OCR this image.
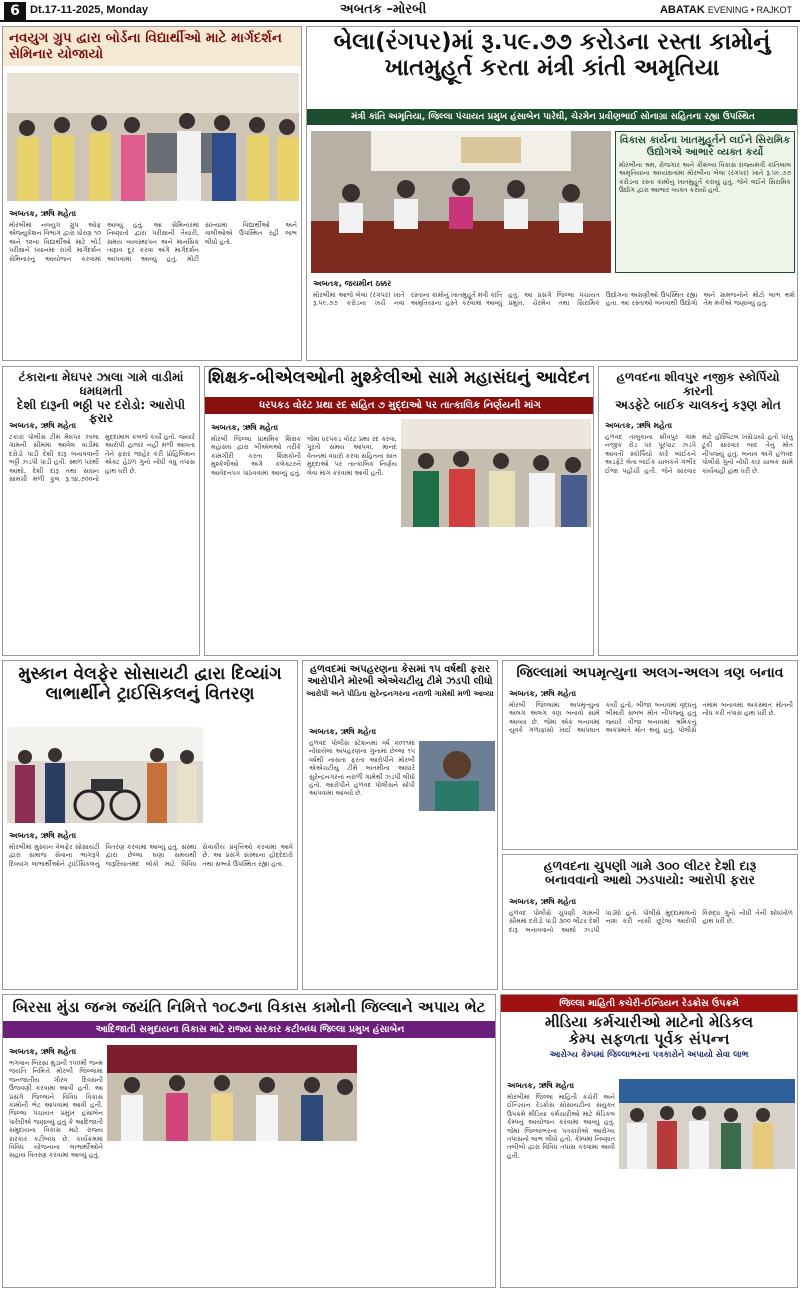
6 Dt.17-11-2025, Monday	અબતક –મોરબી	ABATAK EVENING • RAJKOT
નવયુગ ગ્રુપ દ્વારા બોર્ડના વિદ્યાર્થીઓ માટે માર્ગદર્શન સેમિનાર યોજાયો
અબતક, ઋષિ મહેતા
મોરબીમાં નવયુગ ગ્રુપ ઓફ એજ્યુકેશન વિભાગ દ્વારા ધોરણ ૧૦ અને ૧૨ના વિદ્યાર્થીઓ માટે બોર્ડ પરીક્ષાને ધ્યાનમાં રાખી માર્ગદર્શન સેમિનારનું આયોજન કરવામાં આવ્યું હતું. આ સેમિનારમાં નિષ્ણાતો દ્વારા પરીક્ષાની તૈયારી, સમય વ્યવસ્થાપન અને માનસિક તણાવ દૂર કરવા અંગે માર્ગદર્શન આપવામાં આવ્યું હતું. મોટી સંખ્યામાં વિદ્યાર્થીઓ અને વાલીઓએ ઉપસ્થિત રહી લાભ લીધો હતો.
બેલા(રંગપર)માં રૂ.૫૯.૭૭ કરોડના રસ્તા કામોનું
ખાતમુહૂર્ત કરતા મંત્રી કાંતી અમૃતિયા
મંત્રી કાંતિ અમૃતિયા, જિલ્લા પંચાયત પ્રમુખ હંસાબેન પારેઘી, ચેરમેન પ્રવીણભાઈ સોનાગ્રા સહિતના રહ્યા ઉપસ્થિત
વિકાસ કાર્યના ખાતમુહૂર્તને લઈને સિરામિક ઉદ્યોગએ આભાર વ્યક્ત કર્યો
મોરબીના શ્રમ, રોજગાર અને કૌશલ્ય વિકાસ રાજ્યમંત્રી કાંતિલાલ અમૃતિયાના અધ્યક્ષતામાં મોરબીના બેલા (રંગપર) ખાતે રૂ.૫૯.૭૭ કરોડના રસ્તા કામોનું ખાતમુહૂર્ત કરાયું હતું. જેને લઈને સિરામિક ઉદ્યોગ દ્વારા આભાર વ્યક્ત કરાયો હતો.
અબતક, જયમીન ઠક્કર
મોરબીમાં આજે બેલા (રંગપર) ખાતે રૂ.૫૯.૭૭ કરોડના ખર્ચે નવા રસ્તાના કામોનું ખાતમુહૂર્ત મંત્રી કાંતિ અમૃતિયાના હસ્તે કરવામાં આવ્યું હતું. આ પ્રસંગે જિલ્લા પંચાયત પ્રમુખ, ચેરમેન તથા સિરામિક ઉદ્યોગના અગ્રણીઓ ઉપસ્થિત રહ્યા હતા. આ રસ્તાઓ બનવાથી ઉદ્યોગો અને ગ્રામજનોને મોટો લાભ થશે તેમ મંત્રીએ જણાવ્યું હતું.
ટંકારાના મેઘપર ઝાલા ગામે વાડીમાં ધમધમતી
દેશી દારૂની ભઠ્ઠી પર દરોડો: આરોપી ફરાર
અબતક, ઋષિ મહેતા
ટંકારા પોલીસ ટીમ મેઘપર ઝાલા ગામની સીમમાં આવેલ વાડીમાં દરોડો પાડી દેશી દારૂ બનાવવાની ભઠ્ઠી ઝડપી પાડી હતી. સ્થળ પરથી આથો, દેશી દારૂ તથા સાધન સામગ્રી મળી કુલ રૂ.૧૪,૭૦૦નો મુદ્દામાલ કબજે કર્યો હતો. જ્યારે આરોપી હાજર નહીં મળી આવતા તેને ફરાર જાહેર કરી પ્રોહિબિશન એક્ટ હેઠળ ગુનો નોંધી વધુ તપાસ હાથ ધરી છે.
શિક્ષક-બીએલઓની મુશ્કેલીઓ સામે મહાસંઘનું આવેદન
ધરપકડ વોરંટ પ્રથા રદ સહિત ૭ મુદ્દાઓ પર તાત્કાલિક નિર્ણયની માંગ
અબતક, ઋષિ મહેતા
મોરબી જિલ્લા પ્રાથમિક શિક્ષક મહાસંઘ દ્વારા બીએલઓ તરીકે કામગીરી કરતા શિક્ષકોની મુશ્કેલીઓ અંગે કલેક્ટરને આવેદનપત્ર પાઠવવામાં આવ્યું હતું. જેમાં ધરપકડ વોરંટ પ્રથા રદ કરવા, પૂરતો સમય આપવા, માનદ વેતનમાં વધારો કરવા સહિતના સાત મુદ્દાઓ પર તાત્કાલિક નિર્ણય લેવા માંગ કરવામાં આવી હતી.
હળવદના શીવપુર નજીક સ્કોર્પિયો કારની
અડફેટે બાઈક ચાલકનું કરૂણ મોત
અબતક, ઋષિ મહેતા
હળવદ તાલુકાના શીવપુર ગામ નજીક રોડ પર પૂરપાટ ઝડપે આવતી સ્કોર્પિયો કારે બાઈકને અડફેટે લેતા બાઈક ચાલકને ગંભીર ઈજા પહોંચી હતી. જેને સારવાર માટે હોસ્પિટલ ખસેડાયો હતો પરંતુ ટૂંકી સારવાર બાદ તેનું મોત નીપજ્યું હતું. બનાવ અંગે હળવદ પોલીસે ગુનો નોંધી કાર ચાલક સામે કાર્યવાહી હાથ ધરી છે.
મુસ્કાન વેલફેર સોસાયટી દ્વારા દિવ્યાંગ
લાભાર્થીને ટ્રાઈસિકલનું વિતરણ
અબતક, ઋષિ મહેતા
મોરબીમાં મુસ્કાન વેલફેર સોસાયટી દ્વારા સમાજ સેવાના ભાગરૂપે દિવ્યાંગ લાભાર્થીઓને ટ્રાઈસિકલનું વિતરણ કરવામાં આવ્યું હતું. સંસ્થા દ્વારા છેલ્લા ઘણા સમયથી જરૂરિયાતમંદ લોકો માટે વિવિધ સેવાકીય પ્રવૃત્તિઓ કરવામાં આવે છે. આ પ્રસંગે સંસ્થાના હોદ્દેદારો તથા સભ્યો ઉપસ્થિત રહ્યા હતા.
હળવદમાં અપહરણના કેસમાં ૧૫ વર્ષથી ફરાર
આરોપીને મોરબી એએચટીયુ ટીમે ઝડપી લીધો
આરોપી અને પીડિતા સુરેન્દ્રનગરના નરાળી ગામેથી મળી આવ્યા
અબતક, ઋષિ મહેતા
હળવદ પોલીસ સ્ટેશનમાં વર્ષ ૨૦૧૧માં નોંધાયેલા અપહરણના ગુનામાં છેલ્લા ૧૫ વર્ષથી નાસતા ફરતા આરોપીને મોરબી એએચટીયુ ટીમે બાતમીના આધારે સુરેન્દ્રનગરના નરાળી ગામેથી ઝડપી લીધો હતો. આરોપીને હળવદ પોલીસને સોંપી આપવામાં આવ્યો છે.
જિલ્લામાં અપમૃત્યુના અલગ-અલગ ત્રણ બનાવ
અબતક, ઋષિ મહેતા
મોરબી જિલ્લામાં અપમૃત્યુના અલગ અલગ ત્રણ બનાવો સામે આવ્યા છે. જેમાં એક બનાવમાં યુવકે ગળાફાંસો ખાઈ આપઘાત કર્યો હતો, બીજા બનાવમાં વૃદ્ધનું બીમારી સબબ મોત નીપજ્યું હતું જ્યારે ત્રીજા બનાવમાં શ્રમિકનું અકસ્માતે મોત થયું હતું. પોલીસે તમામ બનાવમાં અકસ્માત મોતની નોંધ કરી તપાસ હાથ ધરી છે.
હળવદના ચુપણી ગામે ૩૦૦ લીટર દેશી દારૂ
બનાવવાનો આથો ઝડપાયો: આરોપી ફરાર
અબતક, ઋષિ મહેતા
હળવદ પોલીસે ચુપણી ગામની સીમમાં દરોડો પાડી ૩૦૦ લીટર દેશી દારૂ બનાવવાનો આથો ઝડપી પાડ્યો હતો. પોલીસે મુદ્દામાલનો નાશ કરી નાસી છૂટેલા આરોપી વિરુદ્ધ ગુનો નોંધી તેની શોધખોળ હાથ ધરી છે.
બિરસા મુંડા જન્મ જયંતિ નિમિત્તે ૧૦૮૭ના વિકાસ કામોની જિલ્લાને અપાય ભેટ
આદિજાતી સમુદાયના વિકાસ માટે રાજ્ય સરકાર કટીબધ્ધ જિલ્લા પ્રમુખ હંસાબેન
અબતક, ઋષિ મહેતા
ભગવાન બિરસા મુંડાની ૧૫૦મી જન્મ જયંતિ નિમિત્તે મોરબી જિલ્લામાં જનજાતીય ગૌરવ દિવસની ઉજવણી કરવામાં આવી હતી. આ પ્રસંગે જિલ્લાને વિવિધ વિકાસ કામોની ભેટ આપવામાં આવી હતી. જિલ્લા પંચાયત પ્રમુખ હંસાબેન પારેઘીએ જણાવ્યું હતું કે આદિજાતી સમુદાયના વિકાસ માટે રાજ્ય સરકાર કટીબધ્ધ છે. કાર્યક્રમમાં વિવિધ યોજનાના લાભાર્થીઓને સહાય વિતરણ કરવામાં આવ્યું હતું.
જિલ્લા માહિતી કચેરી-ઈન્ડિયન રેડક્રોસ ઉપક્રમે
મીડિયા કર્મચારીઓ માટેનો મેડિકલ
કેમ્પ સફળતા પૂર્વક સંપન્ન
આરોગ્ય કેમ્પમાં જિલ્લાભરના પત્રકારોને અપાયો સેવા લાભ
અબતક, ઋષિ મહેતા
મોરબીમાં જિલ્લા માહિતી કચેરી અને ઈન્ડિયન રેડક્રોસ સોસાયટીના સંયુક્ત ઉપક્રમે મીડિયા કર્મચારીઓ માટે મેડિકલ કેમ્પનું આયોજન કરવામાં આવ્યું હતું. જેમાં જિલ્લાભરના પત્રકારોએ આરોગ્ય તપાસનો લાભ લીધો હતો. કેમ્પમાં નિષ્ણાત તબીબો દ્વારા વિવિધ તપાસ કરવામાં આવી હતી.
